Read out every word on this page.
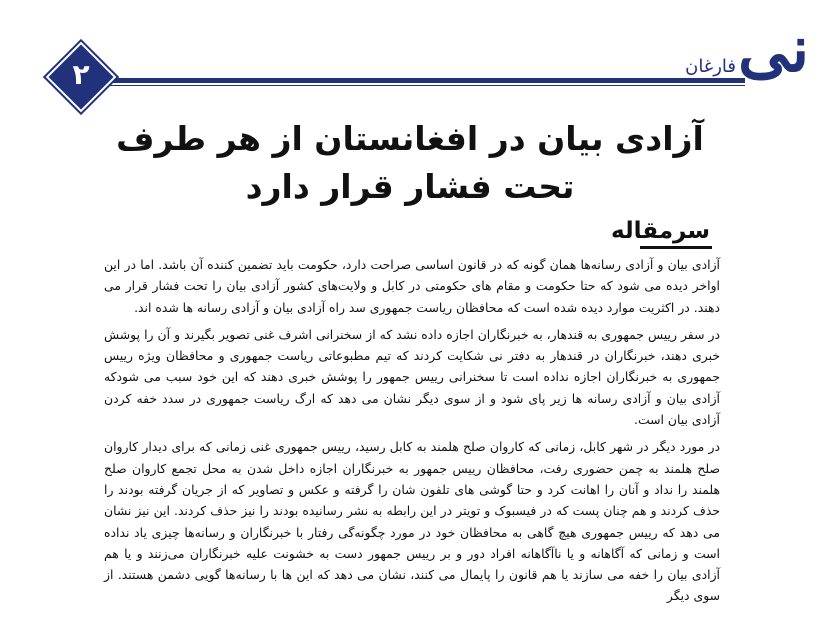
۲	فارغان نی
آزادی بیان در افغانستان از هر طرف تحت فشار قرار دارد
سرمقاله

آزادی بیان و آزادی رسانه‌ها همان گونه که در قانون اساسی صراحت دارد، حکومت باید تضمین کننده آن باشد. اما در این اواخر دیده می شود که حتا حکومت و مقام های حکومتی در کابل و ولایت‌های کشور آزادی بیان را تحت فشار قرار می دهند. در اکثریت موارد دیده شده است که محافظان ریاست جمهوری سد راه آزادی بیان و آزادی رسانه ها شده اند.

در سفر رییس جمهوری به قندهار، به خبرنگاران اجازه داده نشد که از سخنرانی اشرف غنی تصویر بگیرند و آن را پوشش خبری دهند، خبرنگاران در قندهار به دفتر نی شکایت کردند که تیم مطبوعاتی ریاست جمهوری و محافظان ویژه رییس جمهوری به خبرنگاران اجازه نداده است تا سخنرانی رییس جمهور را پوشش خبری دهند که این خود سبب می شودکه آزادی بیان و آزادی رسانه ها زیر پای شود و از سوی دیگر نشان می دهد که ارگ ریاست جمهوری در سدد خفه کردن آزادی بیان است.

در مورد دیگر در شهر کابل، زمانی که کاروان صلح هلمند به کابل رسید، رییس جمهوری غنی زمانی که برای دیدار کاروان صلح هلمند به چمن حضوری رفت، محافظان رییس جمهور به خبرنگاران اجازه داخل شدن به محل تجمع کاروان صلح هلمند را نداد و آنان را اهانت کرد و حتا گوشی های تلفون شان را گرفته و عکس و تصاویر که از جریان گرفته بودند را حذف کردند و هم چنان پست که در فیسبوک و تویتر در این رابطه به نشر رسانیده بودند را نیز حذف کردند. این نیز نشان می دهد که رییس جمهوری هیچ گاهی به محافظان خود در مورد چگونه‌گی رفتار با خبرنگاران و رسانه‌ها چیزی یاد نداده است و زمانی که آگاهانه و یا ناآگاهانه افراد دور و بر رییس جمهور دست به خشونت علیه خبرنگاران می‌زنند و یا هم آزادی بیان را خفه می سازند یا هم قانون را پایمال می کنند، نشان می دهد که این ها با رسانه‌ها گویی دشمن هستند. از سوی دیگر
